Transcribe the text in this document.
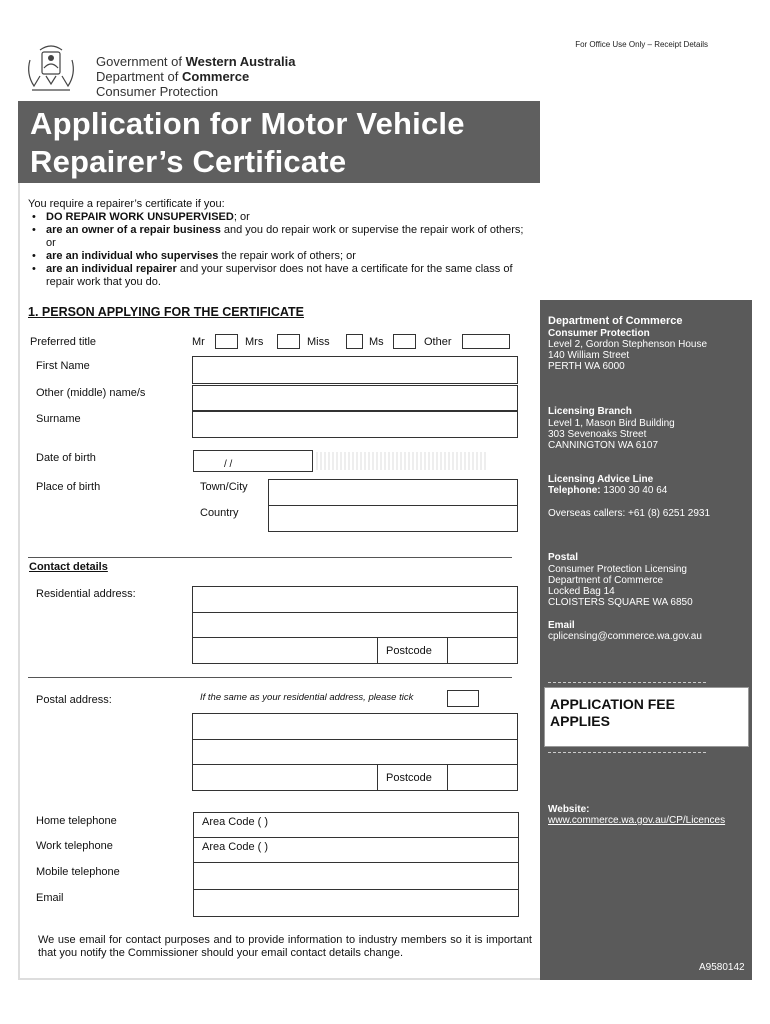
For Office Use Only – Receipt Details
Government of Western Australia
Department of Commerce
Consumer Protection
Application for Motor Vehicle
Repairer’s Certificate
You require a repairer’s certificate if you:
• DO REPAIR WORK UNSUPERVISED; or
• are an owner of a repair business and you do repair work or supervise the repair work of others; or
• are an individual who supervises the repair work of others; or
• are an individual repairer and your supervisor does not have a certificate for the same class of repair work that you do.
1. PERSON APPLYING FOR THE CERTIFICATE
Preferred title	Mr	Mrs	Miss	Ms	Other
First Name
Other (middle) name/s
Surname
Date of birth
/ /
Place of birth	Town/City
Country
Contact details
Residential address:
Postcode
Postal address:	If the same as your residential address, please tick
Postcode
Home telephone	Area Code ( )
Work telephone	Area Code ( )
Mobile telephone
Email
We use email for contact purposes and to provide information to industry members so it is important that you notify the Commissioner should your email contact details change.
Department of Commerce
Consumer Protection
Level 2, Gordon Stephenson House
140 William Street
PERTH WA 6000
Licensing Branch
Level 1, Mason Bird Building
303 Sevenoaks Street
CANNINGTON WA 6107
Licensing Advice Line
Telephone: 1300 30 40 64
Overseas callers: +61 (8) 6251 2931
Postal
Consumer Protection Licensing
Department of Commerce
Locked Bag 14
CLOISTERS SQUARE WA 6850
Email
cplicensing@commerce.wa.gov.au
Website:
www.commerce.wa.gov.au/CP/Licences
APPLICATION FEE
APPLIES
A9580142
